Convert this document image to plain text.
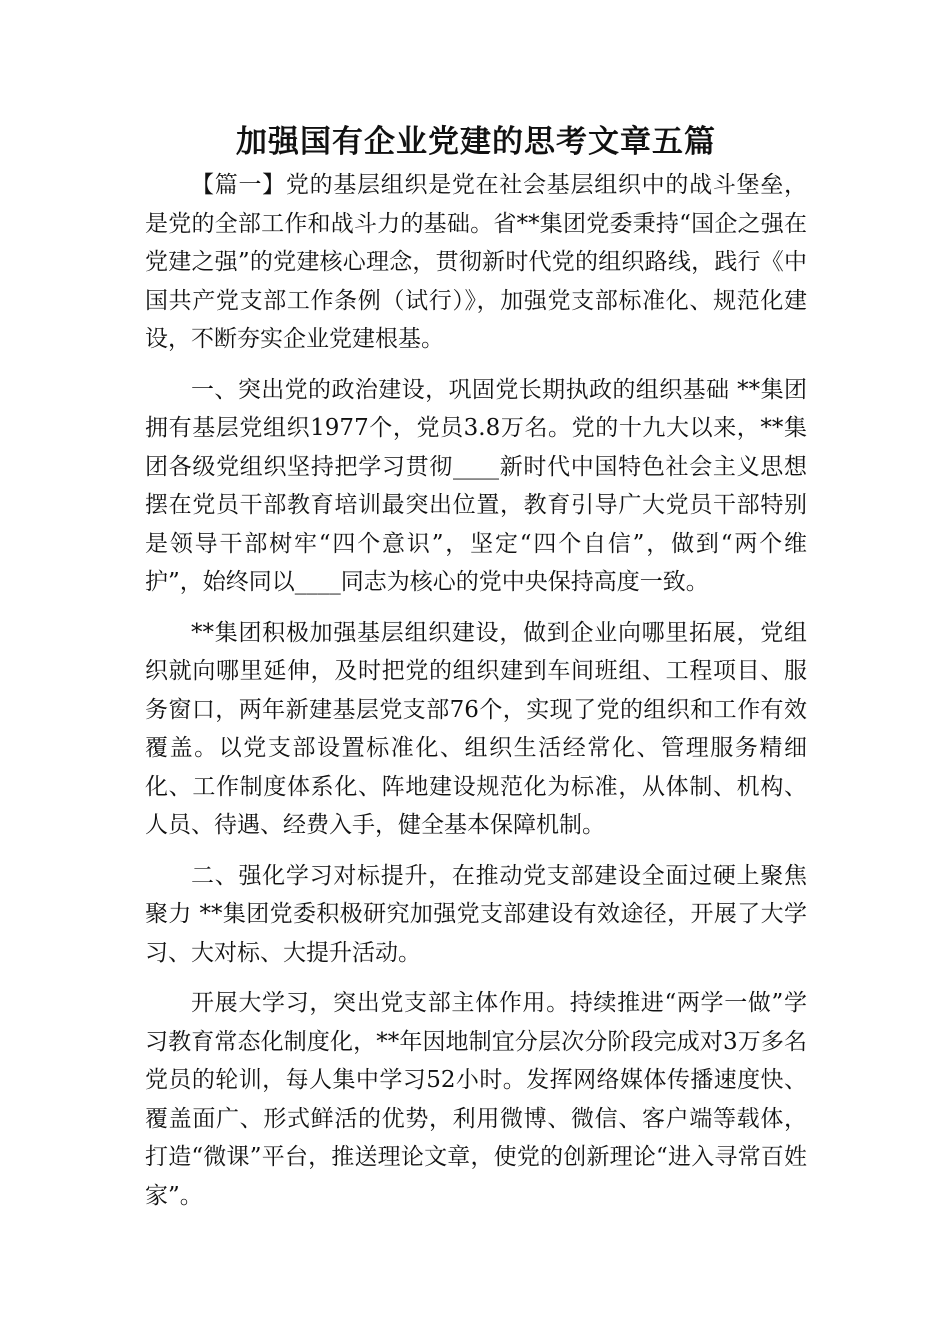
加强国有企业党建的思考文章五篇

【篇一】党的基层组织是党在社会基层组织中的战斗堡垒，是党的全部工作和战斗力的基础。省**集团党委秉持“国企之强在党建之强”的党建核心理念，贯彻新时代党的组织路线，践行《中国共产党支部工作条例（试行）》，加强党支部标准化、规范化建设，不断夯实企业党建根基。

一、突出党的政治建设，巩固党长期执政的组织基础 **集团拥有基层党组织1977个，党员3.8万名。党的十九大以来，**集团各级党组织坚持把学习贯彻____新时代中国特色社会主义思想摆在党员干部教育培训最突出位置，教育引导广大党员干部特别是领导干部树牢“四个意识”，坚定“四个自信”，做到“两个维护”，始终同以____同志为核心的党中央保持高度一致。

**集团积极加强基层组织建设，做到企业向哪里拓展，党组织就向哪里延伸，及时把党的组织建到车间班组、工程项目、服务窗口，两年新建基层党支部76个，实现了党的组织和工作有效覆盖。以党支部设置标准化、组织生活经常化、管理服务精细化、工作制度体系化、阵地建设规范化为标准，从体制、机构、人员、待遇、经费入手，健全基本保障机制。

二、强化学习对标提升，在推动党支部建设全面过硬上聚焦聚力 **集团党委积极研究加强党支部建设有效途径，开展了大学习、大对标、大提升活动。

开展大学习，突出党支部主体作用。持续推进“两学一做”学习教育常态化制度化，**年因地制宜分层次分阶段完成对3万多名党员的轮训，每人集中学习52小时。发挥网络媒体传播速度快、覆盖面广、形式鲜活的优势，利用微博、微信、客户端等载体，打造“微课”平台，推送理论文章，使党的创新理论“进入寻常百姓家”。
